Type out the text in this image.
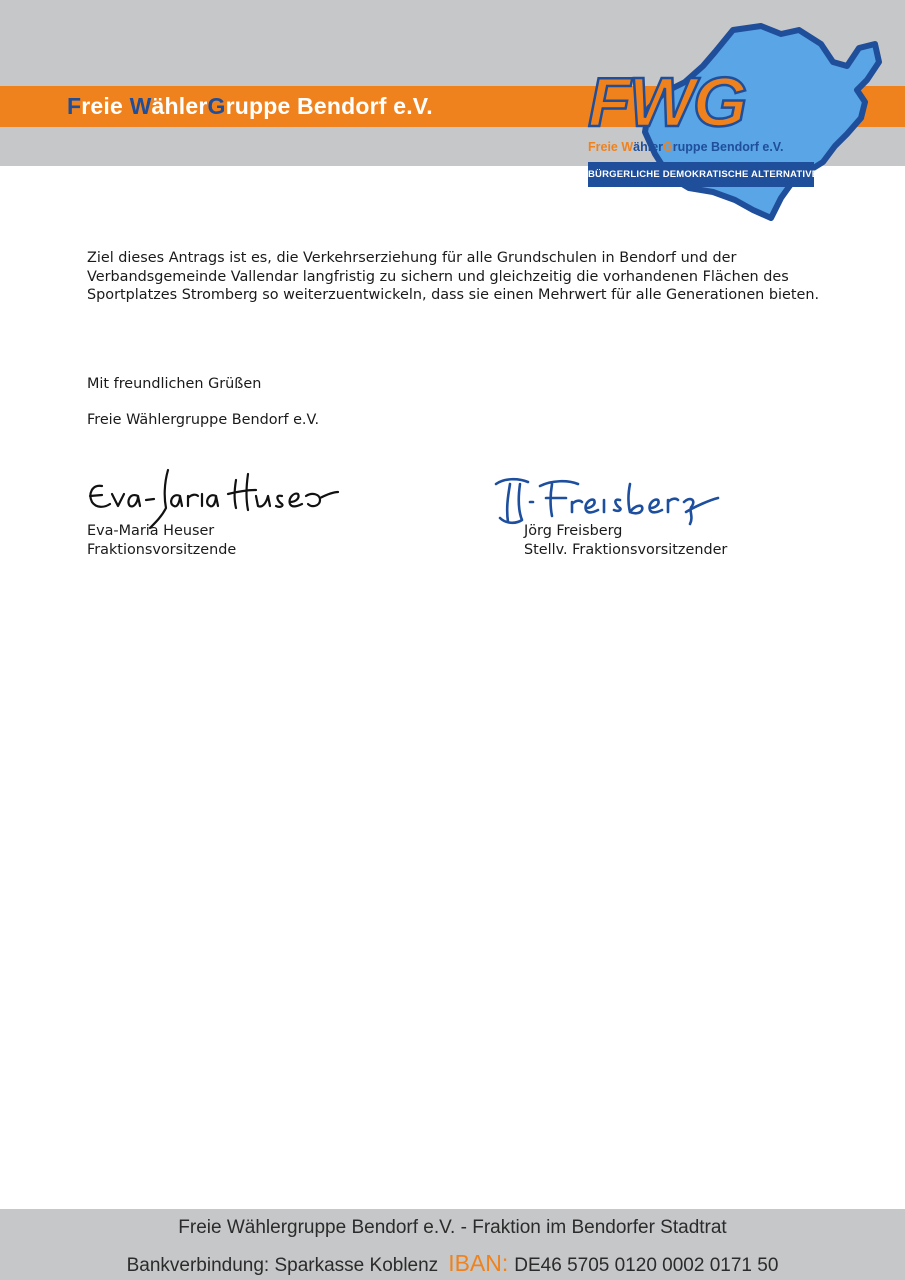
Freie WählerGruppe Bendorf e.V. FWG
Freie WählerGruppe Bendorf e.V.
BÜRGERLICHE DEMOKRATISCHE ALTERNATIVE

Ziel dieses Antrags ist es, die Verkehrserziehung für alle Grundschulen in Bendorf und der Verbandsgemeinde Vallendar langfristig zu sichern und gleichzeitig die vorhandenen Flächen des Sportplatzes Stromberg so weiterzuentwickeln, dass sie einen Mehrwert für alle Generationen bieten.

Mit freundlichen Grüßen

Freie Wählergruppe Bendorf e.V.

Eva-Maria Heuser

Fraktionsvorsitzende

Jörg Freisberg

Stellv. Fraktionsvorsitzender

Freie Wählergruppe Bendorf e.V. - Fraktion im Bendorfer Stadtrat
Bankverbindung: Sparkasse Koblenz IBAN: DE46 5705 0120 0002 0171 50
